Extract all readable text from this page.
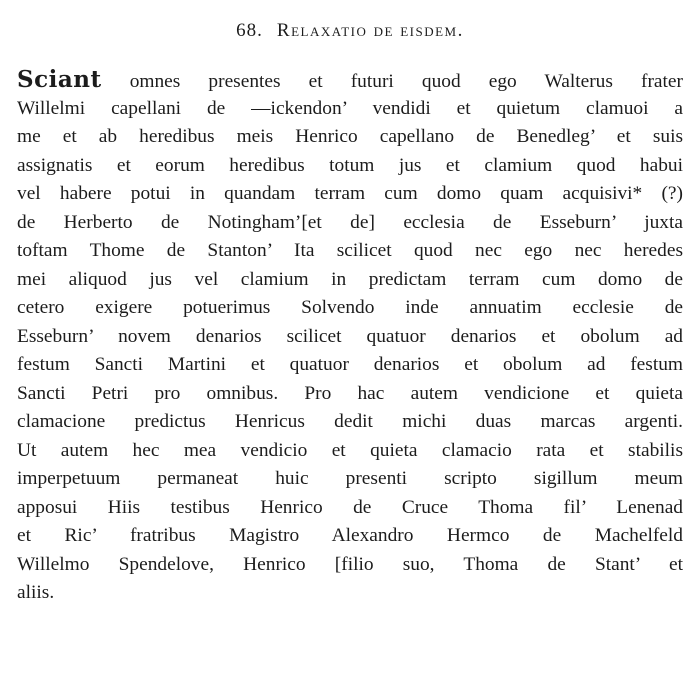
68. Relaxatio de eisdem.
Sciant omnes presentes et futuri quod ego Walterus frater
Willelmi capellani de —ickendon’ vendidi et quietum clamuoi a
me et ab heredibus meis Henrico capellano de Benedleg’ et suis
assignatis et eorum heredibus totum jus et clamium quod habui
vel habere potui in quandam terram cum domo quam acquisivi* (?)
de Herberto de Notingham’[et de] ecclesia de Esseburn’ juxta
toftam Thome de Stanton’ Ita scilicet quod nec ego nec heredes
mei aliquod jus vel clamium in predictam terram cum domo de
cetero exigere potuerimus Solvendo inde annuatim ecclesie de
Esseburn’ novem denarios scilicet quatuor denarios et obolum ad
festum Sancti Martini et quatuor denarios et obolum ad festum
Sancti Petri pro omnibus. Pro hac autem vendicione et quieta
clamacione predictus Henricus dedit michi duas marcas argenti.
Ut autem hec mea vendicio et quieta clamacio rata et stabilis
imperpetuum permaneat huic presenti scripto sigillum meum
apposui Hiis testibus Henrico de Cruce Thoma fil’ Lenenad
et Ric’ fratribus Magistro Alexandro Hermco de Machelfeld
Willelmo Spendelove, Henrico [filio suo, Thoma de Stant’ et
aliis.
